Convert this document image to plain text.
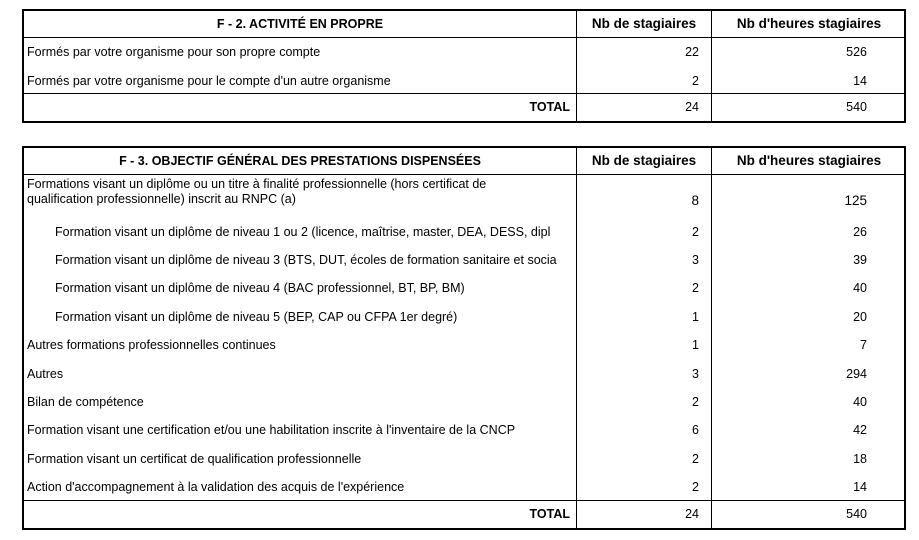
F - 2. ACTIVITÉ EN PROPRE	Nb de stagiaires	Nb d'heures stagiaires
Formés par votre organisme pour son propre compte	22	526
Formés par votre organisme pour le compte d'un autre organisme	2	14
TOTAL	24	540
F - 3. OBJECTIF GÉNÉRAL DES PRESTATIONS DISPENSÉES	Nb de stagiaires	Nb d'heures stagiaires
Formations visant un diplôme ou un titre à finalité professionnelle (hors certificat de qualification professionnelle) inscrit au RNPC (a)	8	125
Formation visant un diplôme de niveau 1 ou 2 (licence, maîtrise, master, DEA, DESS, dipl	2	26
Formation visant un diplôme de niveau 3 (BTS, DUT, écoles de formation sanitaire et socia	3	39
Formation visant un diplôme de niveau 4 (BAC professionnel, BT, BP, BM)	2	40
Formation visant un diplôme de niveau 5 (BEP, CAP ou CFPA 1er degré)	1	20
Autres formations professionnelles continues	1	7
Autres	3	294
Bilan de compétence	2	40
Formation visant une certification et/ou une habilitation inscrite à l'inventaire de la CNCP	6	42
Formation visant un certificat de qualification professionnelle	2	18
Action d'accompagnement à la validation des acquis de l'expérience	2	14
TOTAL	24	540
